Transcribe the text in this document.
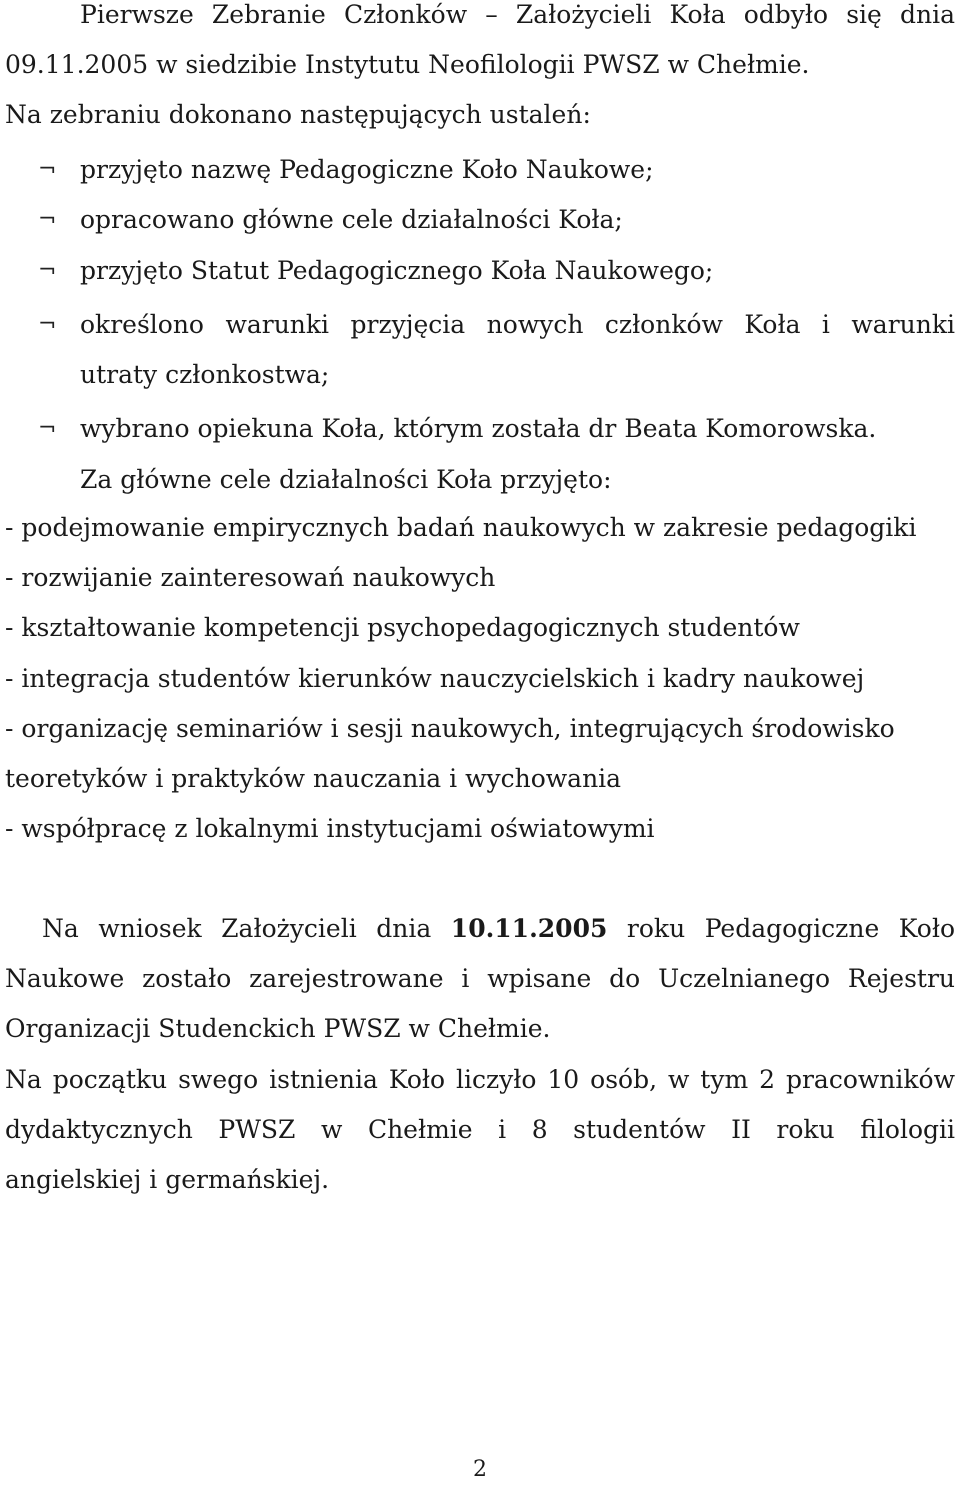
Pierwsze Zebranie Członków – Założycieli Koła odbyło się dnia
09.11.2005 w siedzibie Instytutu Neofilologii PWSZ w Chełmie.
Na zebraniu dokonano następujących ustaleń:
¬ przyjęto nazwę Pedagogiczne Koło Naukowe;
¬ opracowano główne cele działalności Koła;
¬ przyjęto Statut Pedagogicznego Koła Naukowego;
¬ określono warunki przyjęcia nowych członków Koła i warunki
utraty członkostwa;
¬ wybrano opiekuna Koła, którym została dr Beata Komorowska.
Za główne cele działalności Koła przyjęto:
- podejmowanie empirycznych badań naukowych w zakresie pedagogiki
- rozwijanie zainteresowań naukowych
- kształtowanie kompetencji psychopedagogicznych studentów
- integracja studentów kierunków nauczycielskich i kadry naukowej
- organizację seminariów i sesji naukowych, integrujących środowisko
teoretyków i praktyków nauczania i wychowania
- współpracę z lokalnymi instytucjami oświatowymi
Na wniosek Założycieli dnia 10.11.2005 roku Pedagogiczne Koło
Naukowe zostało zarejestrowane i wpisane do Uczelnianego Rejestru
Organizacji Studenckich PWSZ w Chełmie.
Na początku swego istnienia Koło liczyło 10 osób, w tym 2 pracowników
dydaktycznych PWSZ w Chełmie i 8 studentów II roku filologii
angielskiej i germańskiej.
2
